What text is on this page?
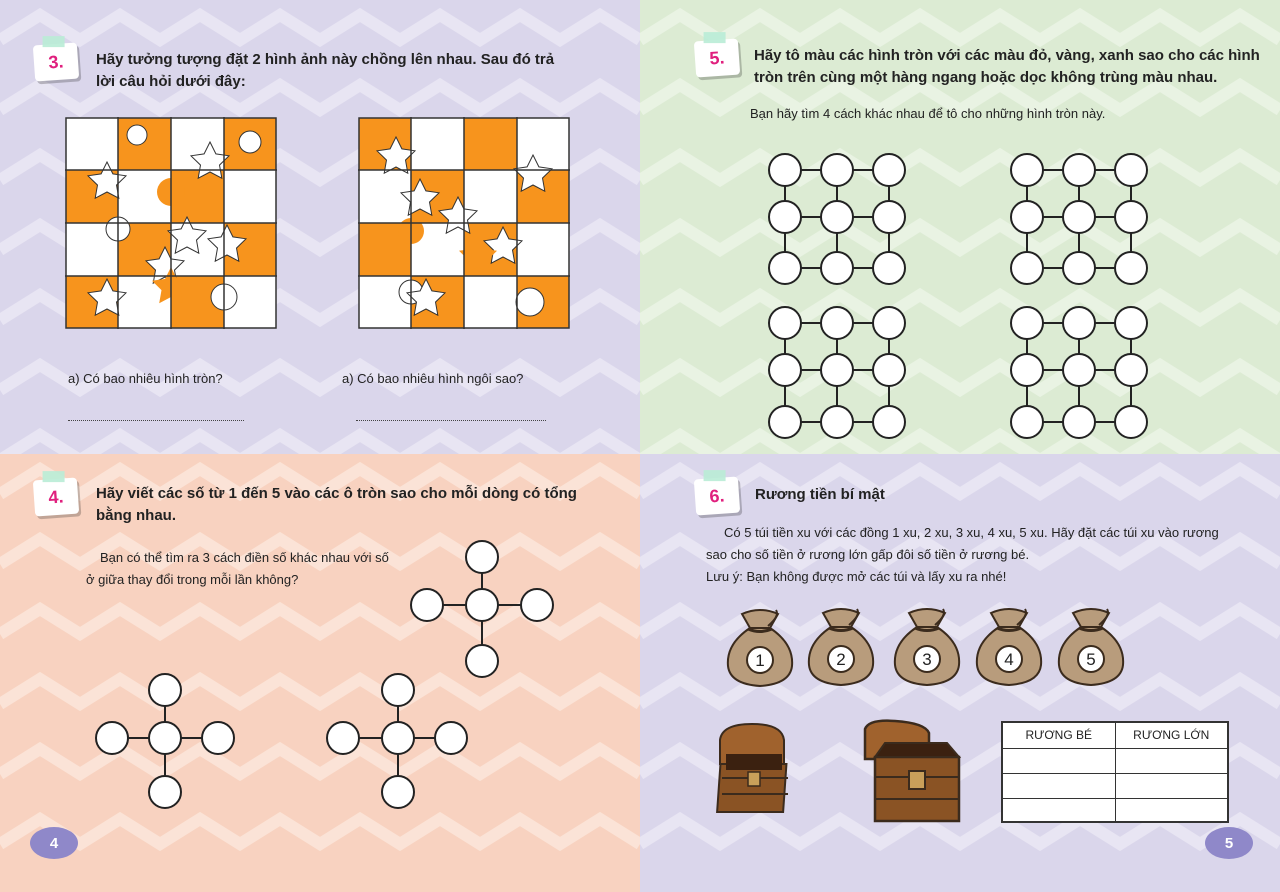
3. Hãy tưởng tượng đặt 2 hình ảnh này chồng lên nhau. Sau đó trả
lời câu hỏi dưới đây:
a) Có bao nhiêu hình tròn?	a) Có bao nhiêu hình ngôi sao?
5. Hãy tô màu các hình tròn với các màu đỏ, vàng, xanh sao cho các hình
tròn trên cùng một hàng ngang hoặc dọc không trùng màu nhau.
Bạn hãy tìm 4 cách khác nhau để tô cho những hình tròn này.
4. Hãy viết các số từ 1 đến 5 vào các ô tròn sao cho mỗi dòng có tổng
bằng nhau.
Bạn có thể tìm ra 3 cách điền số khác nhau với số
ở giữa thay đổi trong mỗi lần không?
4
6. Rương tiền bí mật
Có 5 túi tiền xu với các đồng 1 xu, 2 xu, 3 xu, 4 xu, 5 xu. Hãy đặt các túi xu vào rương
sao cho số tiền ở rương lớn gấp đôi số tiền ở rương bé.
Lưu ý: Bạn không được mở các túi và lấy xu ra nhé!
1	2	3	4	5
RƯƠNG BÉ	RƯƠNG LỚN
5
